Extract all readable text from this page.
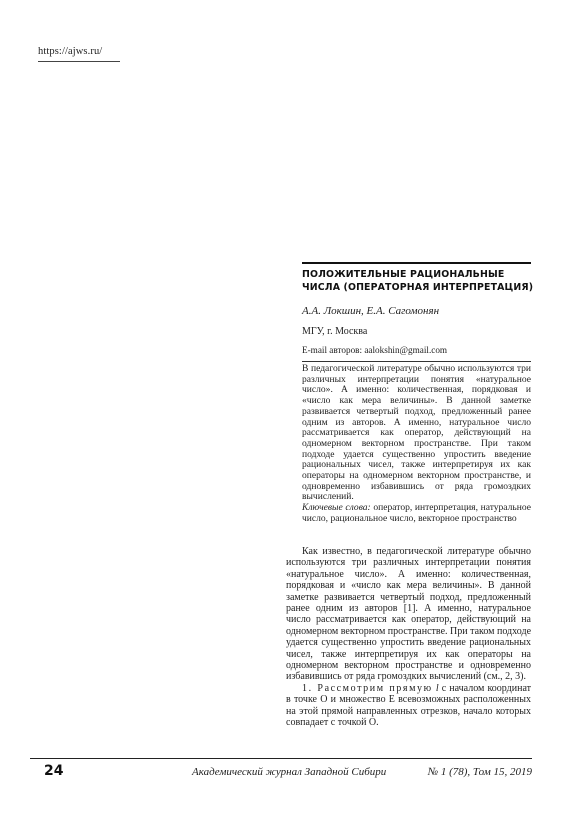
https://ajws.ru/
ПОЛОЖИТЕЛЬНЫЕ РАЦИОНАЛЬНЫЕ
ЧИСЛА (ОПЕРАТОРНАЯ ИНТЕРПРЕТАЦИЯ)
А.А. Локшин, Е.А. Сагомонян
МГУ, г. Москва
E-mail авторов: aalokshin@gmail.com

В педагогической литературе обычно используются три различных интерпретации понятия «натуральное число». А именно: количественная, порядковая и «число как мера величины». В данной заметке развивается четвертый подход, предложенный ранее одним из авторов. А именно, натуральное число рассматривается как оператор, действующий на одномерном векторном пространстве. При таком подходе удается существенно упростить введение рациональных чисел, также интерпретируя их как операторы на одномерном векторном пространстве, и одновременно избавившись от ряда громоздких вычислений.

Ключевые слова: оператор, интерпретация, натуральное число, рациональное число, векторное пространство

Как известно, в педагогической литературе обычно используются три различных интерпретации понятия «натуральное число». А именно: количественная, порядковая и «число как мера величины». В данной заметке развивается четвертый подход, предложенный ранее одним из авторов [1]. А именно, натуральное число рассматривается как оператор, действующий на одномерном векторном пространстве. При таком подходе удается существенно упростить введение рациональных чисел, также интерпретируя их как операторы на одномерном векторном пространстве и одновременно избавившись от ряда громоздких вычислений (см., 2, 3).

1. Рассмотрим прямую l с началом координат в точке O и множество E всевозможных расположенных на этой прямой направленных отрезков, начало которых совпадает с точкой O.

24	Академический журнал Западной Сибири	№ 1 (78), Том 15, 2019
